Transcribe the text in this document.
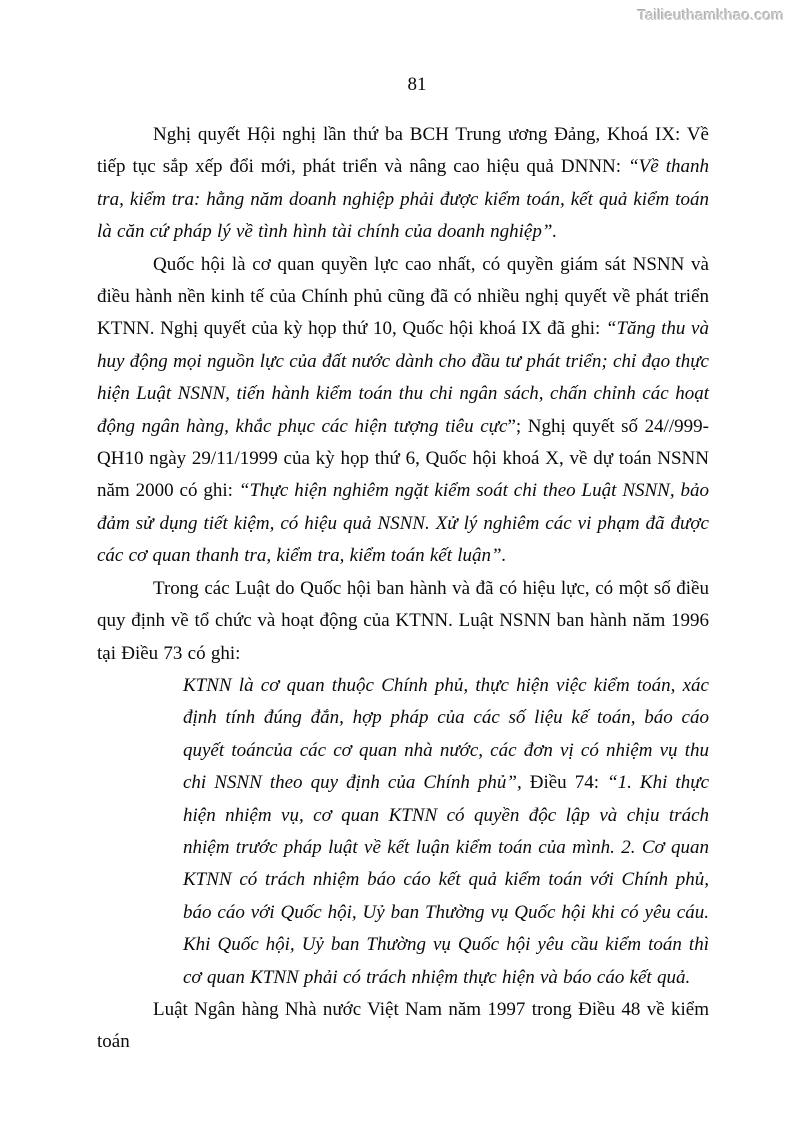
Tailieuthamkhao.com
81

Nghị quyết Hội nghị lần thứ ba BCH Trung ương Đảng, Khoá IX: Về tiếp tục sắp xếp đổi mới, phát triển và nâng cao hiệu quả DNNN: “Về thanh tra, kiểm tra: hằng năm doanh nghiệp phải được kiểm toán, kết quả kiểm toán là căn cứ pháp lý về tình hình tài chính của doanh nghiệp”.

Quốc hội là cơ quan quyền lực cao nhất, có quyền giám sát NSNN và điều hành nền kinh tế của Chính phủ cũng đã có nhiều nghị quyết về phát triển KTNN. Nghị quyết của kỳ họp thứ 10, Quốc hội khoá IX đã ghi: “Tăng thu và huy động mọi nguồn lực của đất nước dành cho đầu tư phát triển; chỉ đạo thực hiện Luật NSNN, tiến hành kiểm toán thu chi ngân sách, chấn chỉnh các hoạt động ngân hàng, khắc phục các hiện tượng tiêu cực”; Nghị quyết số 24//999-QH10 ngày 29/11/1999 của kỳ họp thứ 6, Quốc hội khoá X, về dự toán NSNN năm 2000 có ghi: “Thực hiện nghiêm ngặt kiểm soát chi theo Luật NSNN, bảo đảm sử dụng tiết kiệm, có hiệu quả NSNN. Xử lý nghiêm các vi phạm đã được các cơ quan thanh tra, kiểm tra, kiểm toán kết luận”.

Trong các Luật do Quốc hội ban hành và đã có hiệu lực, có một số điều quy định về tổ chức và hoạt động của KTNN. Luật NSNN ban hành năm 1996 tại Điều 73 có ghi:

KTNN là cơ quan thuộc Chính phủ, thực hiện việc kiểm toán, xác định tính đúng đắn, hợp pháp của các số liệu kế toán, báo cáo quyết toáncủa các cơ quan nhà nước, các đơn vị có nhiệm vụ thu chi NSNN theo quy định của Chính phủ”, Điều 74: “1. Khi thực hiện nhiệm vụ, cơ quan KTNN có quyền độc lập và chịu trách nhiệm trước pháp luật về kết luận kiểm toán của mình. 2. Cơ quan KTNN có trách nhiệm báo cáo kết quả kiểm toán với Chính phủ, báo cáo với Quốc hội, Uỷ ban Thường vụ Quốc hội khi có yêu cáu. Khi Quốc hội, Uỷ ban Thường vụ Quốc hội yêu cầu kiểm toán thì cơ quan KTNN phải có trách nhiệm thực hiện và báo cáo kết quả.

Luật Ngân hàng Nhà nước Việt Nam năm 1997 trong Điều 48 về kiểm toán
